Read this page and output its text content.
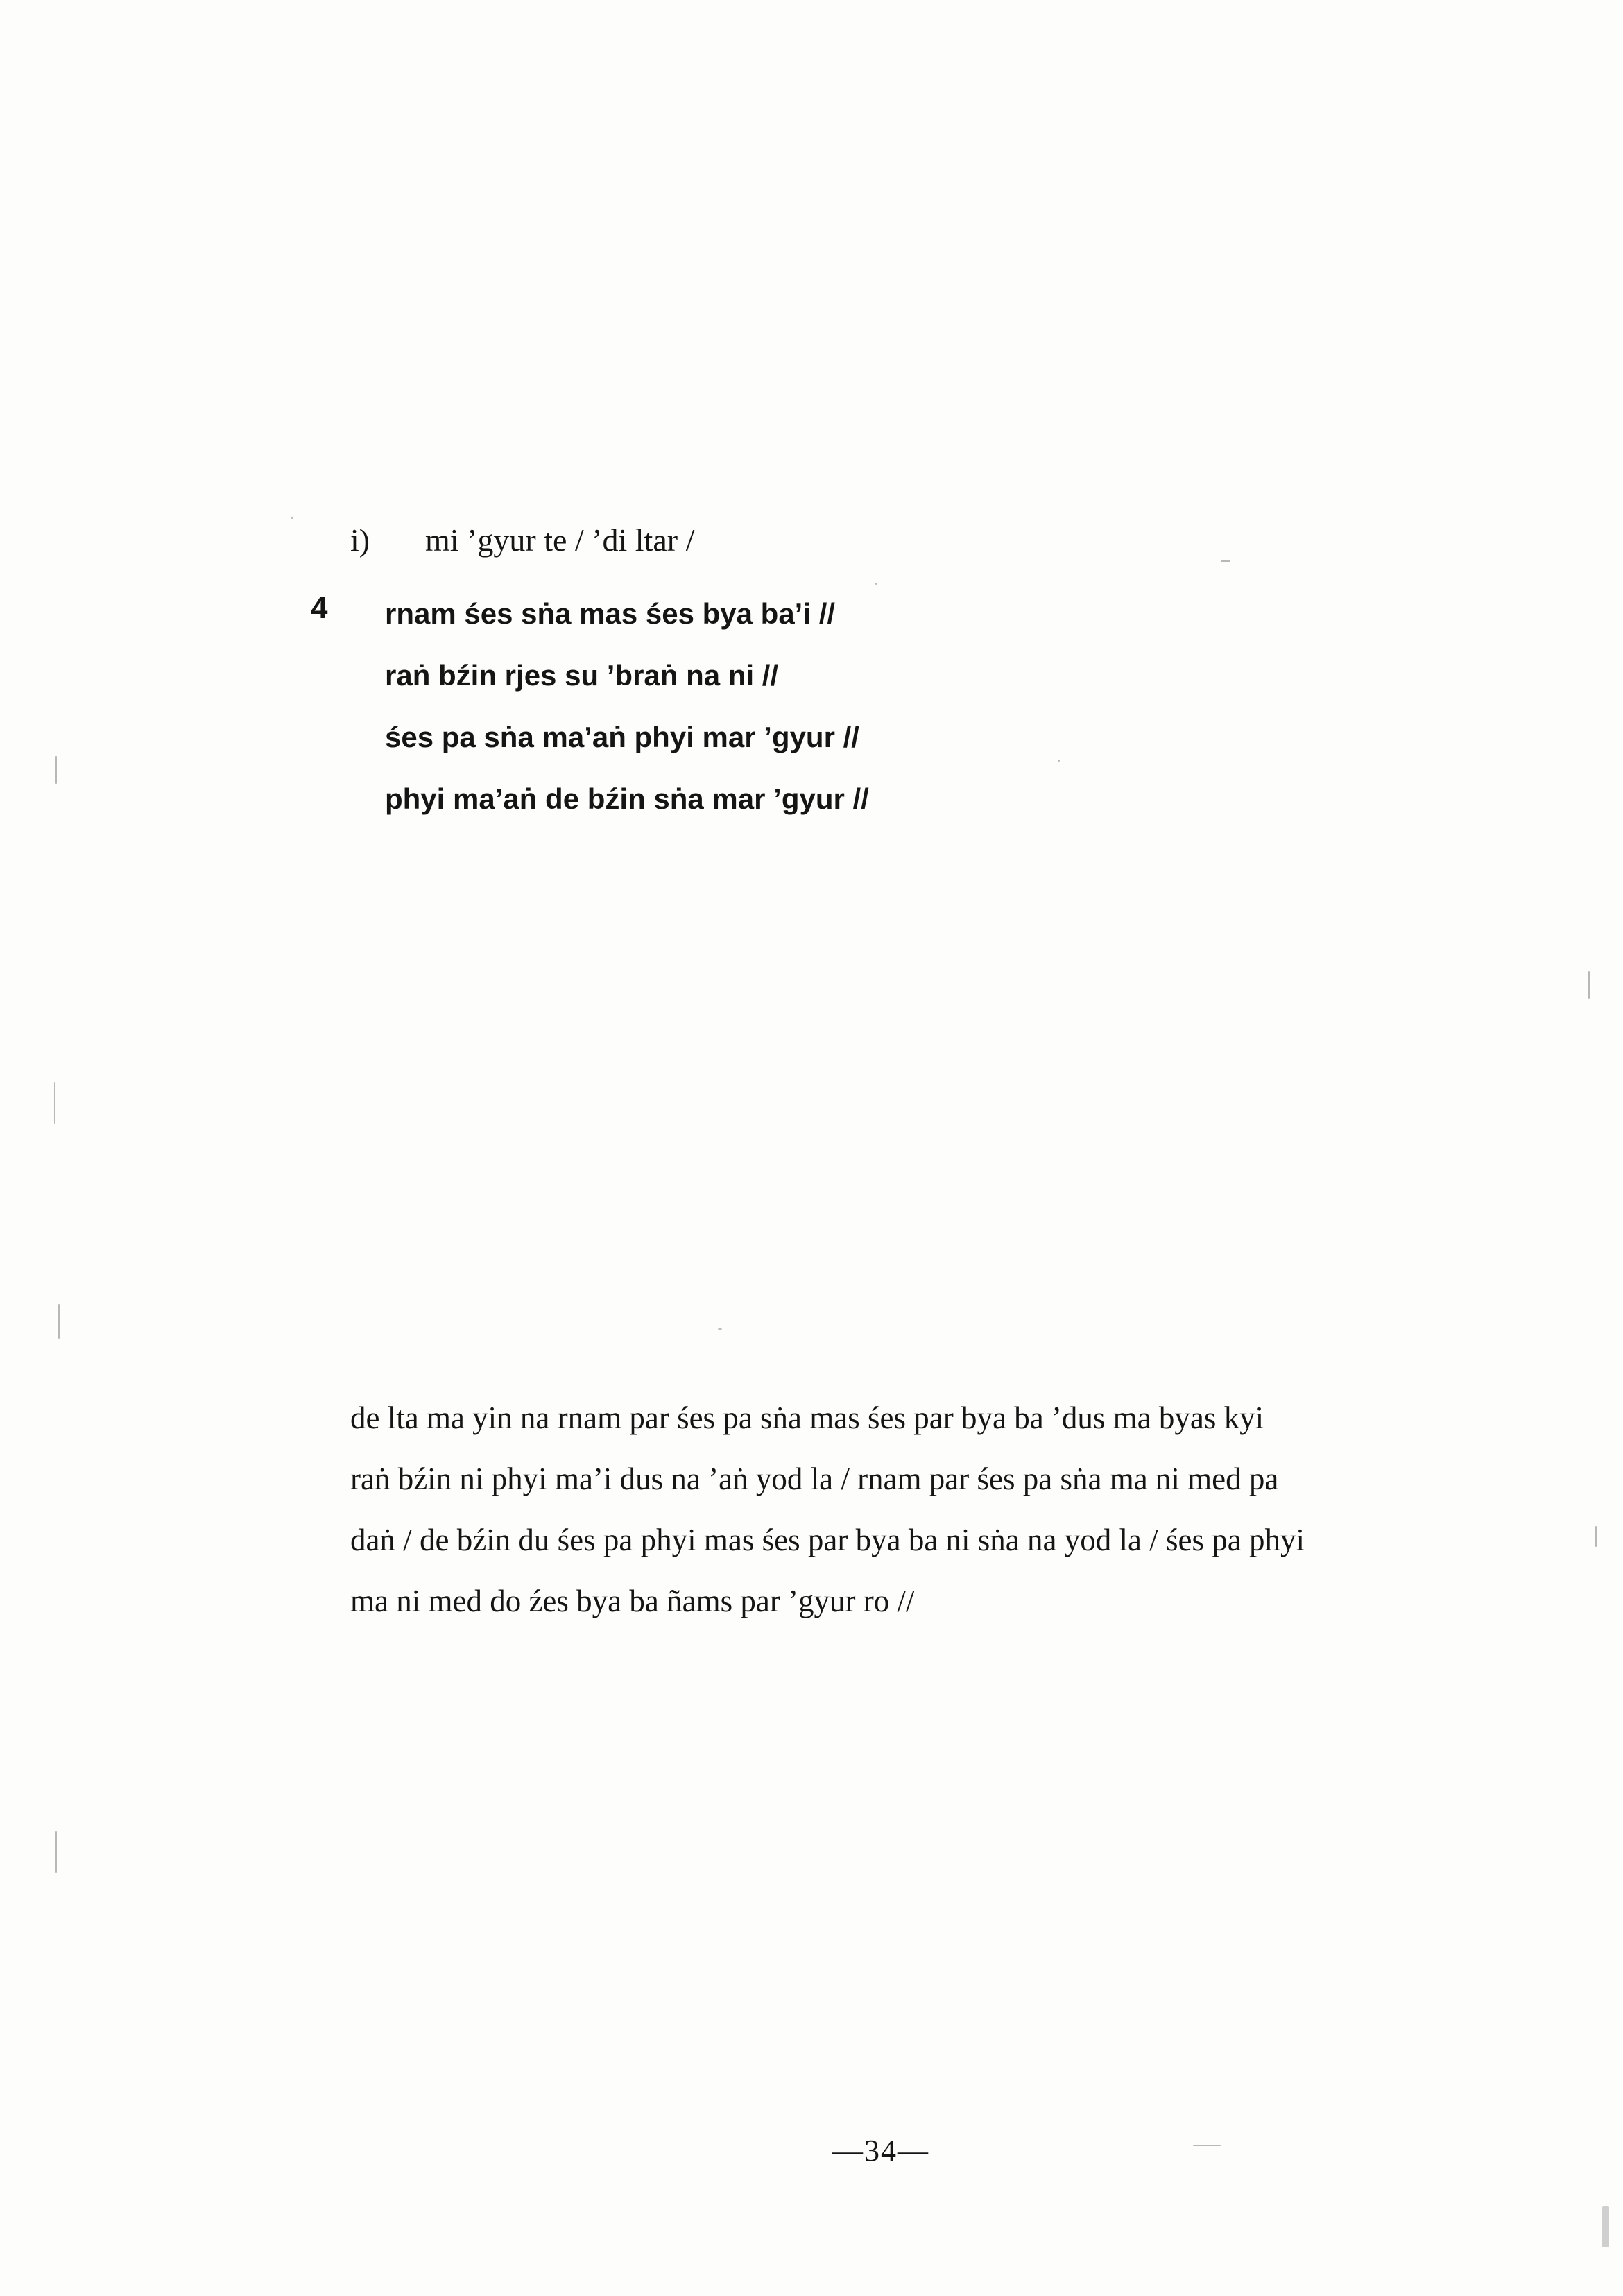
i) mi ’gyur te / ’di ltar /
4 rnam śes sṅa mas śes bya ba’i //
raṅ bźin rjes su ’braṅ na ni //
śes pa sṅa ma’aṅ phyi mar ’gyur //
phyi ma’aṅ de bźin sṅa mar ’gyur //
de lta ma yin na rnam par śes pa sṅa mas śes par bya ba ’dus ma byas kyi
raṅ bźin ni phyi ma’i dus na ’aṅ yod la / rnam par śes pa sṅa ma ni med pa
daṅ / de bźin du śes pa phyi mas śes par bya ba ni sṅa na yod la / śes pa phyi
ma ni med do źes bya ba ñams par ’gyur ro //
—34—
